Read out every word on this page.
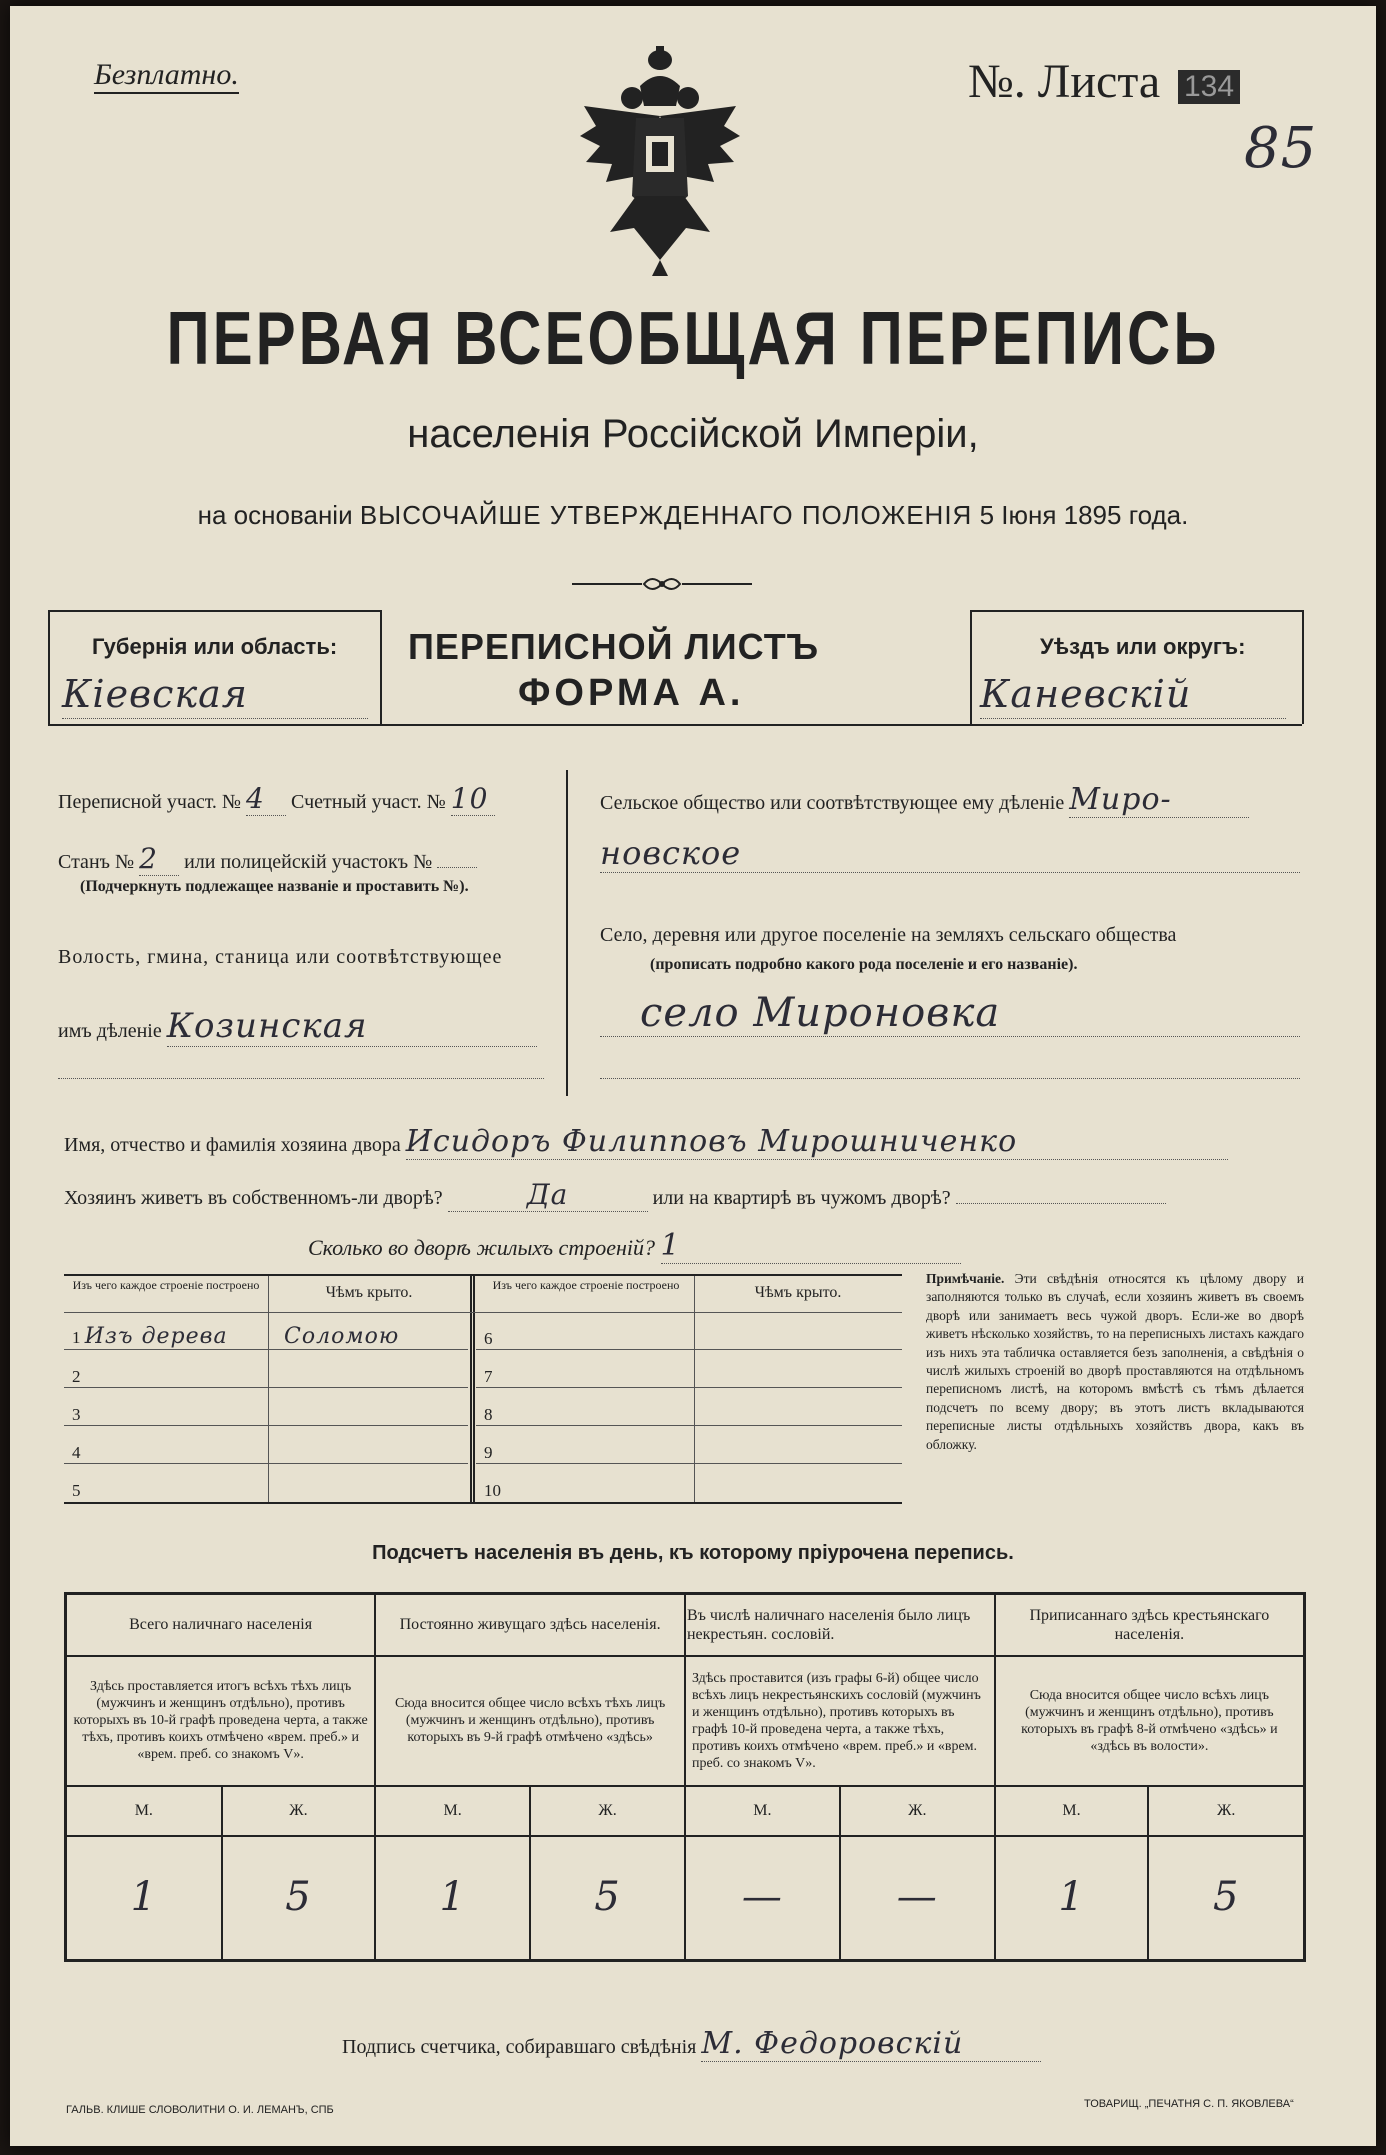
Безплатно.	№. Листа 134
85
ПЕРВАЯ ВСЕОБЩАЯ ПЕРЕПИСЬ
населенія Россійской Имперіи,
на основаніи ВЫСОЧАЙШЕ УТВЕРЖДЕННАГО ПОЛОЖЕНІЯ 5 Іюня 1895 года.
Губернія или область:
Кіевская
ПЕРЕПИСНОЙ ЛИСТЪ
ФОРМА А.
Уѣздъ или округъ:
Каневскій
Переписной участ. № 4 Счетный участ. № 10
Станъ № 2 или полицейскій участокъ №
(Подчеркнуть подлежащее названіе и проставить №).
Волость, гмина, станица или соотвѣтствующее
имъ дѣленіе Козинская
Сельское общество или соотвѣтствующее ему дѣленіе Миро-
новское
Село, деревня или другое поселеніе на земляхъ сельскаго общества
(прописать подробно какого рода поселеніе и его названіе).
село Мироновка
Имя, отчество и фамилія хозяина двора Исидоръ Филипповъ Мирошниченко
Хозяинъ живетъ въ собственномъ-ли дворѣ?	Да	или на квартирѣ въ чужомъ дворѣ?
Сколько во дворѣ жилыхъ строеній? 1
Изъ чего каждое строеніе построено	Чѣмъ крыто.	Изъ чего каждое строеніе построено	Чѣмъ крыто.
1 Изъ дерева	Соломою
2	
3	
4	
5	
6	
7	
8	
9	
10	
Примѣчаніе. Эти свѣдѣнія относятся къ цѣлому двору и заполняются только въ случаѣ, если хозяинъ живетъ въ своемъ дворѣ или занимаетъ весь чужой дворъ. Если-же во дворѣ живетъ нѣсколько хозяйствъ, то на переписныхъ листахъ каждаго изъ нихъ эта табличка оставляется безъ заполненія, а свѣдѣнія о числѣ жилыхъ строеній во дворѣ проставляются на отдѣльномъ переписномъ листѣ, на которомъ вмѣстѣ съ тѣмъ дѣлается подсчетъ по всему двору; въ этотъ листъ вкладываются переписные листы отдѣльныхъ хозяйствъ двора, какъ въ обложку.
Подсчетъ населенія въ день, къ которому пріурочена перепись.
Всего наличнаго населенія		Постоянно живущаго здѣсь населенія.		Въ числѣ наличнаго населенія было лицъ некрестьян. сословій.		Приписаннаго здѣсь крестьянскаго населенія.	
Здѣсь проставляется итогъ всѣхъ тѣхъ лицъ (мужчинъ и женщинъ отдѣльно), противъ которыхъ въ 10-й графѣ проведена черта, а также тѣхъ, противъ коихъ отмѣчено «врем. преб.» и «врем. преб. со знакомъ V».		Сюда вносится общее число всѣхъ тѣхъ лицъ (мужчинъ и женщинъ отдѣльно), противъ которыхъ въ 9-й графѣ отмѣчено «здѣсь»		Здѣсь проставится (изъ графы 6-й) общее число всѣхъ лицъ некрестьянскихъ сословій (мужчинъ и женщинъ отдѣльно), противъ которыхъ въ графѣ 10-й проведена черта, а также тѣхъ, противъ коихъ отмѣчено «врем. преб.» и «врем. преб. со знакомъ V».		Сюда вносится общее число всѣхъ лицъ (мужчинъ и женщинъ отдѣльно), противъ которыхъ въ графѣ 8-й отмѣчено «здѣсь» и «здѣсь въ волости».	
М.	Ж.	М.	Ж.	М.	Ж.	М.	Ж.
1	5	1	5	—	—	1	5
Подпись счетчика, собиравшаго свѣдѣнія М. Федоровскій
ГАЛЬВ. КЛИШЕ СЛОВОЛИТНИ О. И. ЛЕМАНЪ, СПБ	ТОВАРИЩ. „ПЕЧАТНЯ С. П. ЯКОВЛЕВА“
